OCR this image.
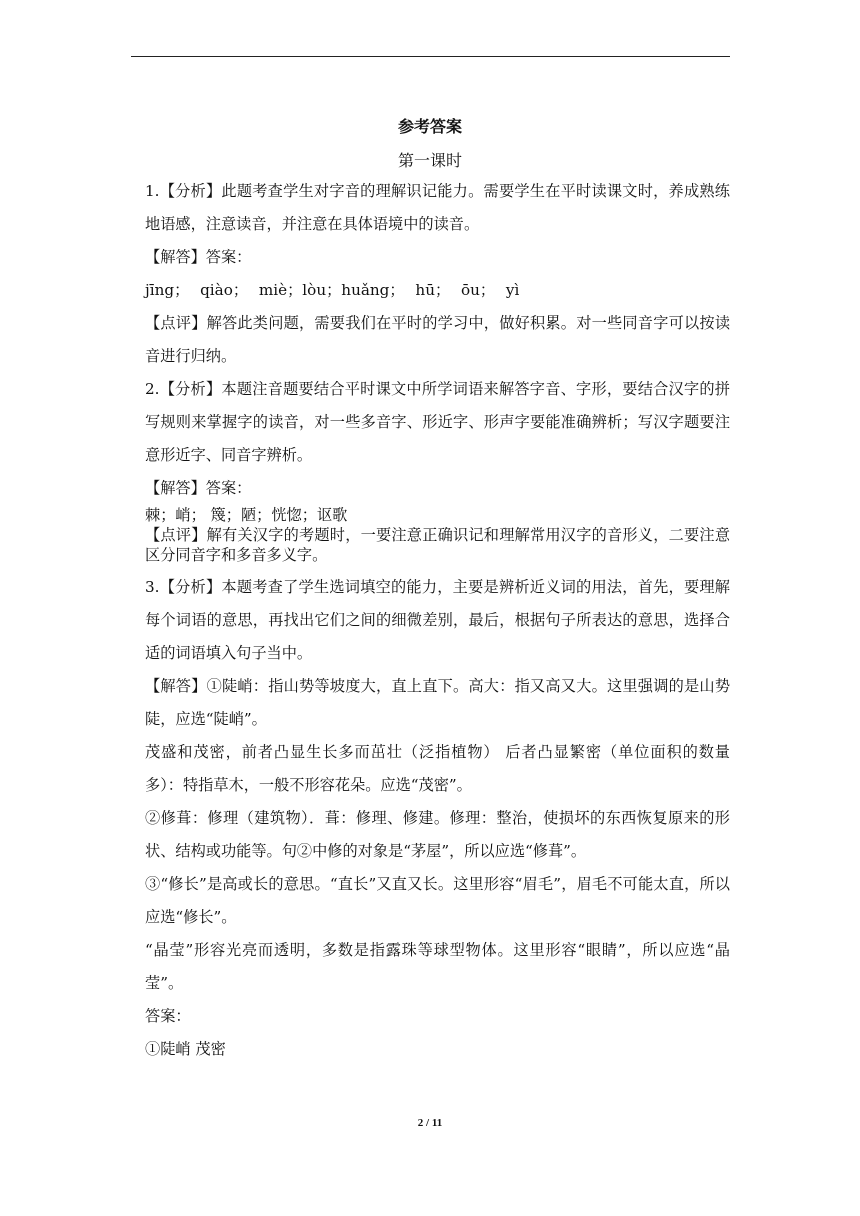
参考答案
第一课时

1.【分析】此题考查学生对字音的理解识记能力。需要学生在平时读课文时，养成熟练地语感，注意读音，并注意在具体语境中的读音。

【解答】答案：

jīng； qiào； miè；lòu；huǎng； hū； ōu； yì

【点评】解答此类问题，需要我们在平时的学习中，做好积累。对一些同音字可以按读音进行归纳。

2.【分析】本题注音题要结合平时课文中所学词语来解答字音、字形，要结合汉字的拼写规则来掌握字的读音，对一些多音字、形近字、形声字要能准确辨析；写汉字题要注意形近字、同音字辨析。

【解答】答案：

棘；峭； 篾；陋；恍惚；讴歌

【点评】解有关汉字的考题时，一要注意正确识记和理解常用汉字的音形义，二要注意区分同音字和多音多义字。

3.【分析】本题考查了学生选词填空的能力，主要是辨析近义词的用法，首先，要理解每个词语的意思，再找出它们之间的细微差别，最后，根据句子所表达的意思，选择合适的词语填入句子当中。

【解答】①陡峭：指山势等坡度大，直上直下。高大：指又高又大。这里强调的是山势陡，应选“陡峭”。

茂盛和茂密，前者凸显生长多而茁壮（泛指植物） 后者凸显繁密（单位面积的数量多）：特指草木，一般不形容花朵。应选“茂密”。

②修葺：修理（建筑物）．葺：修理、修建。修理：整治，使损坏的东西恢复原来的形状、结构或功能等。句②中修的对象是“茅屋”，所以应选“修葺”。

③“修长”是高或长的意思。“直长”又直又长。这里形容“眉毛”，眉毛不可能太直，所以应选“修长”。

“晶莹”形容光亮而透明，多数是指露珠等球型物体。这里形容“眼睛”，所以应选“晶莹”。

答案：

①陡峭 茂密

2 / 11
